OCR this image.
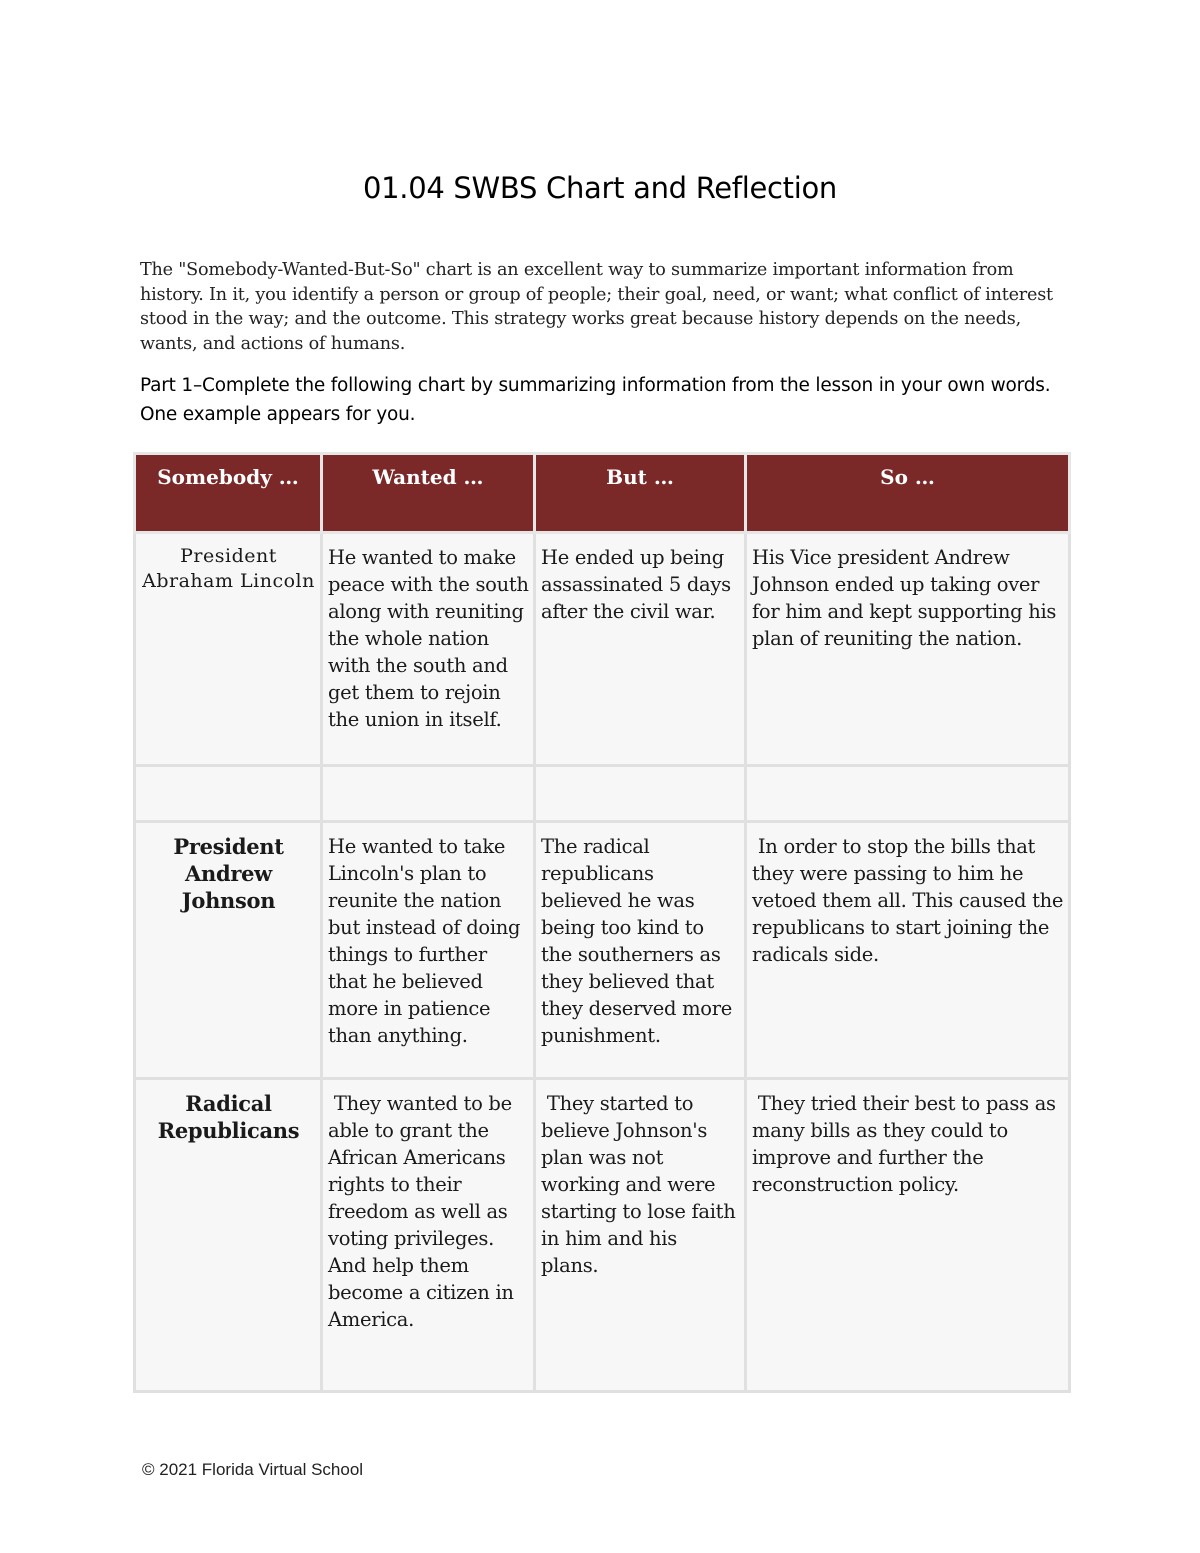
01.04 SWBS Chart and Reflection

The "Somebody-Wanted-But-So" chart is an excellent way to summarize important information from history. In it, you identify a person or group of people; their goal, need, or want; what conflict of interest stood in the way; and the outcome. This strategy works great because history depends on the needs, wants, and actions of humans.

Part 1–Complete the following chart by summarizing information from the lesson in your own words. One example appears for you.

Somebody …	Wanted …	But …	So …
President Abraham Lincoln	He wanted to make peace with the south along with reuniting the whole nation with the south and get them to rejoin the union in itself.	He ended up being assassinated 5 days after the civil war.	His Vice president Andrew Johnson ended up taking over for him and kept supporting his plan of reuniting the nation.

President Andrew Johnson	He wanted to take Lincoln's plan to reunite the nation but instead of doing things to further that he believed more in patience than anything.	The radical republicans believed he was being too kind to the southerners as they believed that they deserved more punishment.	In order to stop the bills that they were passing to him he vetoed them all. This caused the republicans to start joining the radicals side.
Radical Republicans	They wanted to be able to grant the African Americans rights to their freedom as well as voting privileges. And help them become a citizen in America.	They started to believe Johnson's plan was not working and were starting to lose faith in him and his plans.	They tried their best to pass as many bills as they could to improve and further the reconstruction policy.
© 2021 Florida Virtual School
